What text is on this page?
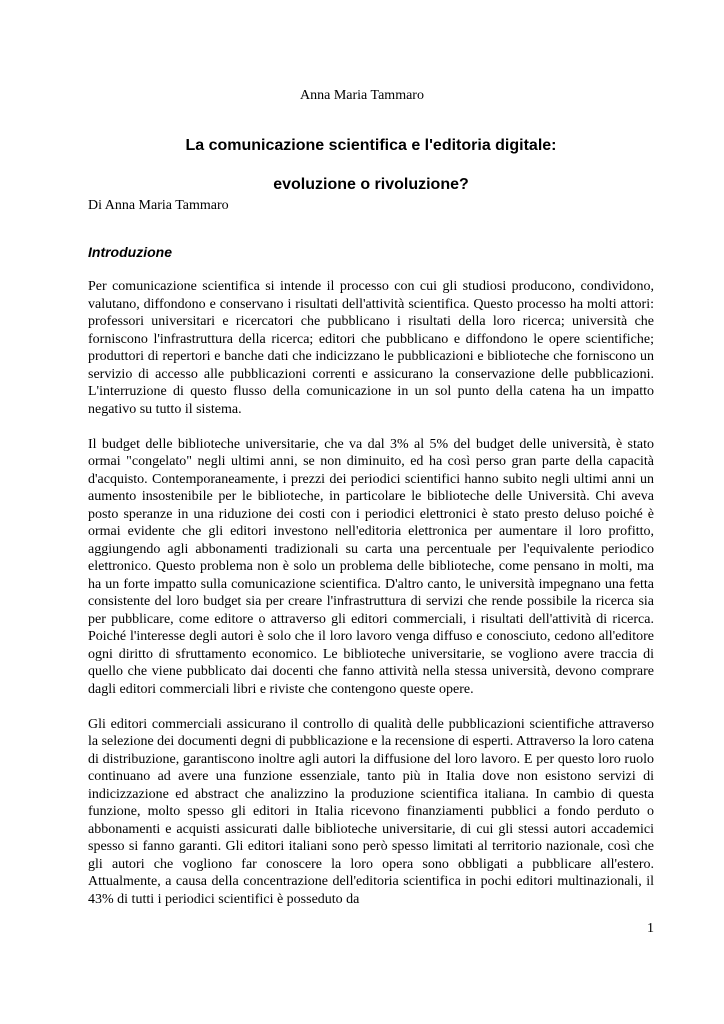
Anna Maria Tammaro
La comunicazione scientifica e l'editoria digitale:
evoluzione o rivoluzione?
Di Anna Maria Tammaro
Introduzione

Per comunicazione scientifica si intende il processo con cui gli studiosi producono, condividono, valutano, diffondono e conservano i risultati dell'attività scientifica. Questo processo ha molti attori: professori universitari e ricercatori che pubblicano i risultati della loro ricerca; università che forniscono l'infrastruttura della ricerca; editori che pubblicano e diffondono le opere scientifiche; produttori di repertori e banche dati che indicizzano le pubblicazioni e biblioteche che forniscono un servizio di accesso alle pubblicazioni correnti e assicurano la conservazione delle pubblicazioni. L'interruzione di questo flusso della comunicazione in un sol punto della catena ha un impatto negativo su tutto il sistema.

Il budget delle biblioteche universitarie, che va dal 3% al 5% del budget delle università, è stato ormai "congelato" negli ultimi anni, se non diminuito, ed ha così perso gran parte della capacità d'acquisto. Contemporaneamente, i prezzi dei periodici scientifici hanno subito negli ultimi anni un aumento insostenibile per le biblioteche, in particolare le biblioteche delle Università. Chi aveva posto speranze in una riduzione dei costi con i periodici elettronici è stato presto deluso poiché è ormai evidente che gli editori investono nell'editoria elettronica per aumentare il loro profitto, aggiungendo agli abbonamenti tradizionali su carta una percentuale per l'equivalente periodico elettronico. Questo problema non è solo un problema delle biblioteche, come pensano in molti, ma ha un forte impatto sulla comunicazione scientifica. D'altro canto, le università impegnano una fetta consistente del loro budget sia per creare l'infrastruttura di servizi che rende possibile la ricerca sia per pubblicare, come editore o attraverso gli editori commerciali, i risultati dell'attività di ricerca. Poiché l'interesse degli autori è solo che il loro lavoro venga diffuso e conosciuto, cedono all'editore ogni diritto di sfruttamento economico. Le biblioteche universitarie, se vogliono avere traccia di quello che viene pubblicato dai docenti che fanno attività nella stessa università, devono comprare dagli editori commerciali libri e riviste che contengono queste opere.

Gli editori commerciali assicurano il controllo di qualità delle pubblicazioni scientifiche attraverso la selezione dei documenti degni di pubblicazione e la recensione di esperti. Attraverso la loro catena di distribuzione, garantiscono inoltre agli autori la diffusione del loro lavoro. E per questo loro ruolo continuano ad avere una funzione essenziale, tanto più in Italia dove non esistono servizi di indicizzazione ed abstract che analizzino la produzione scientifica italiana. In cambio di questa funzione, molto spesso gli editori in Italia ricevono finanziamenti pubblici a fondo perduto o abbonamenti e acquisti assicurati dalle biblioteche universitarie, di cui gli stessi autori accademici spesso si fanno garanti. Gli editori italiani sono però spesso limitati al territorio nazionale, così che gli autori che vogliono far conoscere la loro opera sono obbligati a pubblicare all'estero. Attualmente, a causa della concentrazione dell'editoria scientifica in pochi editori multinazionali, il 43% di tutti i periodici scientifici è posseduto da

1
